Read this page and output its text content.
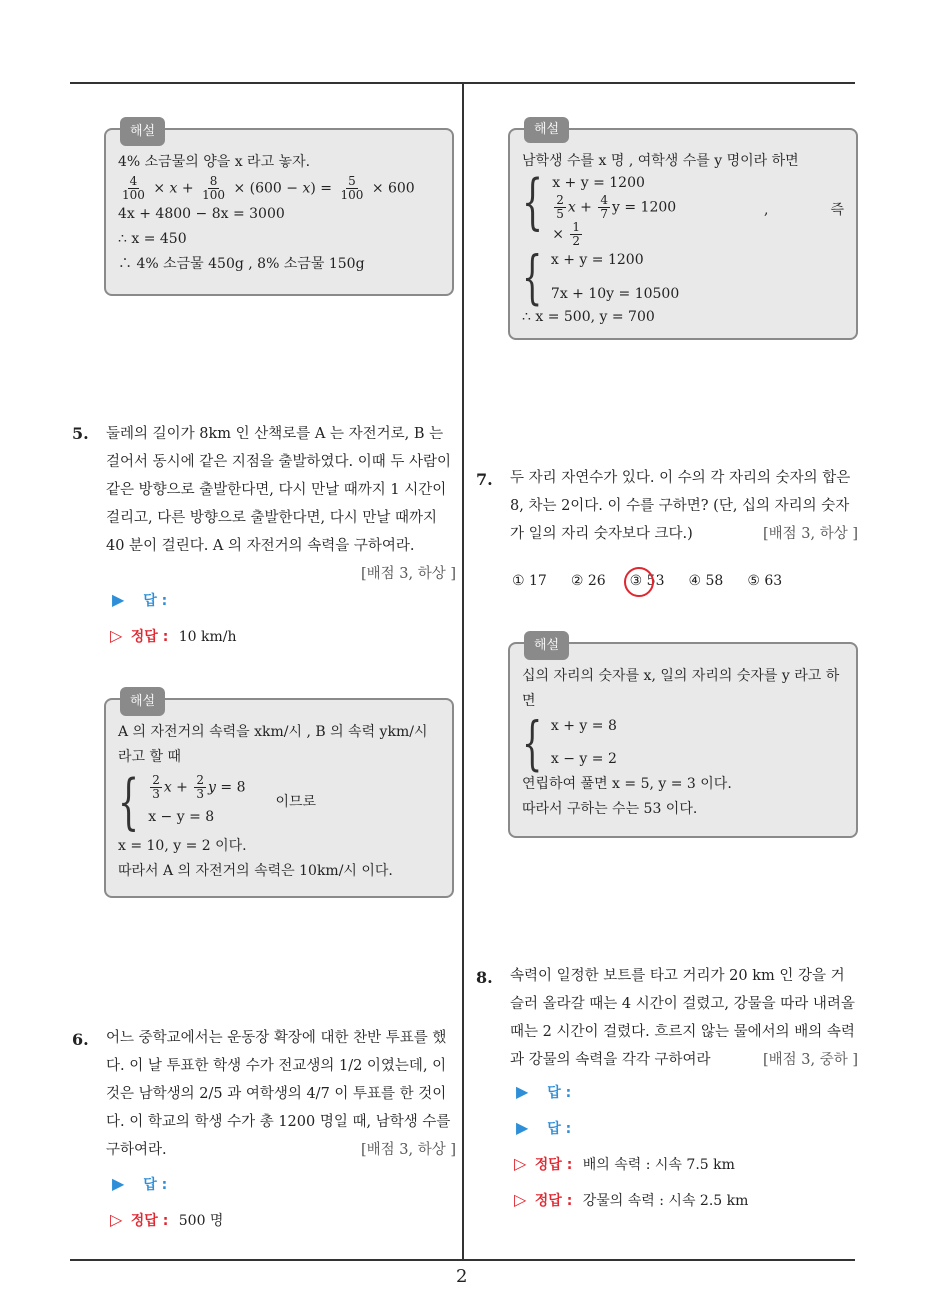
해설
4% 소금물의 양을 x 라고 놓자.
$\frac{4}{100} \times x + \frac{8}{100} \times (600 - x) = \frac{5}{100} \times 600$
4x + 4800 − 8x = 3000
∴ x = 450
∴ 4% 소금물 450g , 8% 소금물 150g
5. 둘레의 길이가 8km 인 산책로를 A 는 자전거로, B 는 걸어서 동시에 같은 지점을 출발하였다. 이때 두 사람이 같은 방향으로 출발한다면, 다시 만날 때까지 1 시간이 걸리고, 다른 방향으로 출발한다면, 다시 만날 때까지 40 분이 걸린다. A 의 자전거의 속력을 구하여라.
[배점 3, 하상 ]
▶ 답 :
▷ 정답 : 10 km/h
해설
A 의 자전거의 속력을 xkm/시 , B 의 속력 ykm/시 라고 할 때
{ $\frac{2}{3}$ $x + \frac{2}{3}$ y = 8
x − y = 8
이므로
x = 10, y = 2 이다.
따라서 A 의 자전거의 속력은 10km/시 이다.
6. 어느 중학교에서는 운동장 확장에 대한 찬반 투표를 했다. 이 날 투표한 학생 수가 전교생의 1/2 이였는데, 이것은 남학생의 2/5 과 여학생의 4/7 이 투표를 한 것이다. 이 학교의 학생 수가 총 1200 명일 때, 남학생 수를 구하여라.	[배점 3, 하상 ]
▶ 답 :
▷ 정답 : 500 명
해설
남학생 수를 x 명 , 여학생 수를 y 명이라 하면
{ x + y = 1200
$\frac{2}{5}$ $x + \frac{4}{7}$ $y = 1200 \times \frac{1}{2}$
,	즉
{ x + y = 1200
7x + 10y = 10500
∴ x = 500, y = 700
7. 두 자리 자연수가 있다. 이 수의 각 자리의 숫자의 합은 8, 차는 2이다. 이 수를 구하면? (단, 십의 자리의 숫자가 일의 자리 숫자보다 크다.)	[배점 3, 하상 ]
① 17 ② 26 ③ 53 ④ 58 ⑤ 63
해설
십의 자리의 숫자를 x, 일의 자리의 숫자를 y 라고 하면
{ x + y = 8
x − y = 2
연립하여 풀면 x = 5, y = 3 이다.
따라서 구하는 수는 53 이다.
8. 속력이 일정한 보트를 타고 거리가 20 km 인 강을 거슬러 올라갈 때는 4 시간이 걸렸고, 강물을 따라 내려올 때는 2 시간이 걸렸다. 흐르지 않는 물에서의 배의 속력과 강물의 속력을 각각 구하여라	[배점 3, 중하 ]
▶ 답 :
▶ 답 :
▷ 정답 : 배의 속력 : 시속 7.5 km
▷ 정답 : 강물의 속력 : 시속 2.5 km
2
